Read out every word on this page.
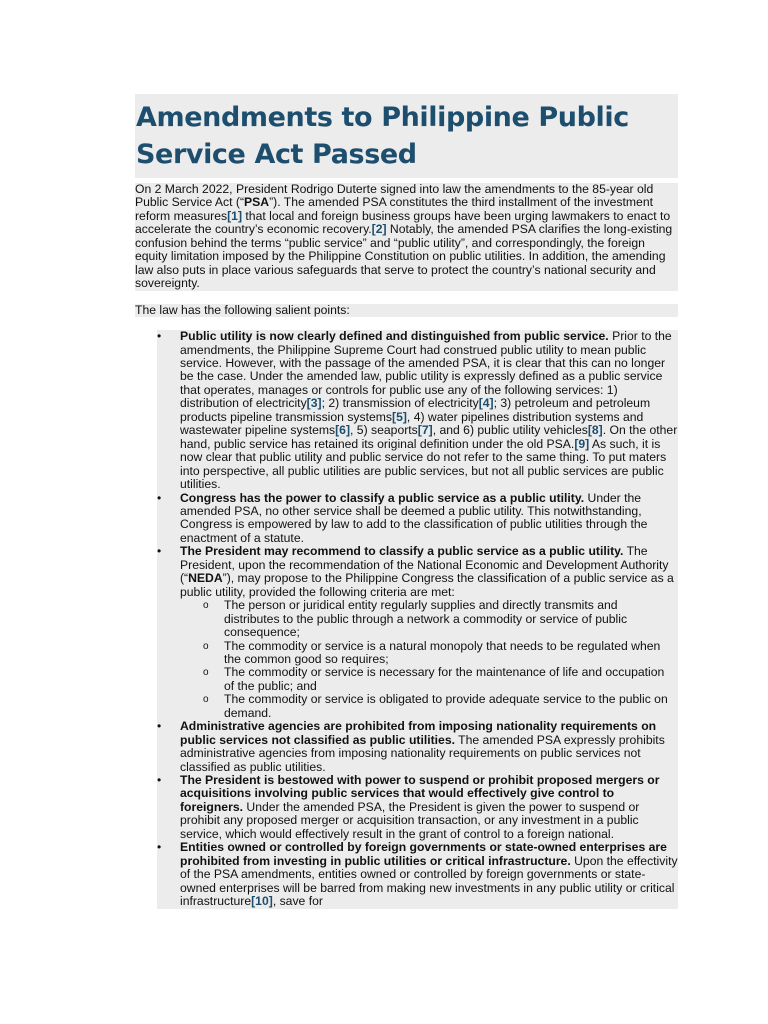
Amendments to Philippine Public Service Act Passed

On 2 March 2022, President Rodrigo Duterte signed into law the amendments to the 85-year old Public Service Act (“PSA”). The amended PSA constitutes the third installment of the investment reform measures[1] that local and foreign business groups have been urging lawmakers to enact to accelerate the country’s economic recovery.[2] Notably, the amended PSA clarifies the long-existing confusion behind the terms “public service” and “public utility”, and correspondingly, the foreign equity limitation imposed by the Philippine Constitution on public utilities. In addition, the amending law also puts in place various safeguards that serve to protect the country’s national security and sovereignty.

The law has the following salient points:

• Public utility is now clearly defined and distinguished from public service. Prior to the amendments, the Philippine Supreme Court had construed public utility to mean public service. However, with the passage of the amended PSA, it is clear that this can no longer be the case. Under the amended law, public utility is expressly defined as a public service that operates, manages or controls for public use any of the following services: 1) distribution of electricity[3]; 2) transmission of electricity[4]; 3) petroleum and petroleum products pipeline transmission systems[5], 4) water pipelines distribution systems and wastewater pipeline systems[6], 5) seaports[7], and 6) public utility vehicles[8]. On the other hand, public service has retained its original definition under the old PSA.[9] As such, it is now clear that public utility and public service do not refer to the same thing. To put maters into perspective, all public utilities are public services, but not all public services are public utilities.
• Congress has the power to classify a public service as a public utility. Under the amended PSA, no other service shall be deemed a public utility. This notwithstanding, Congress is empowered by law to add to the classification of public utilities through the enactment of a statute.
• The President may recommend to classify a public service as a public utility. The President, upon the recommendation of the National Economic and Development Authority (“NEDA”), may propose to the Philippine Congress the classification of a public service as a public utility, provided the following criteria are met:
o The person or juridical entity regularly supplies and directly transmits and distributes to the public through a network a commodity or service of public consequence;
o The commodity or service is a natural monopoly that needs to be regulated when the common good so requires;
o The commodity or service is necessary for the maintenance of life and occupation of the public; and
o The commodity or service is obligated to provide adequate service to the public on demand.
• Administrative agencies are prohibited from imposing nationality requirements on public services not classified as public utilities. The amended PSA expressly prohibits administrative agencies from imposing nationality requirements on public services not classified as public utilities.
• The President is bestowed with power to suspend or prohibit proposed mergers or acquisitions involving public services that would effectively give control to foreigners. Under the amended PSA, the President is given the power to suspend or prohibit any proposed merger or acquisition transaction, or any investment in a public service, which would effectively result in the grant of control to a foreign national.
• Entities owned or controlled by foreign governments or state-owned enterprises are prohibited from investing in public utilities or critical infrastructure. Upon the effectivity of the PSA amendments, entities owned or controlled by foreign governments or state-owned enterprises will be barred from making new investments in any public utility or critical infrastructure[10], save for
